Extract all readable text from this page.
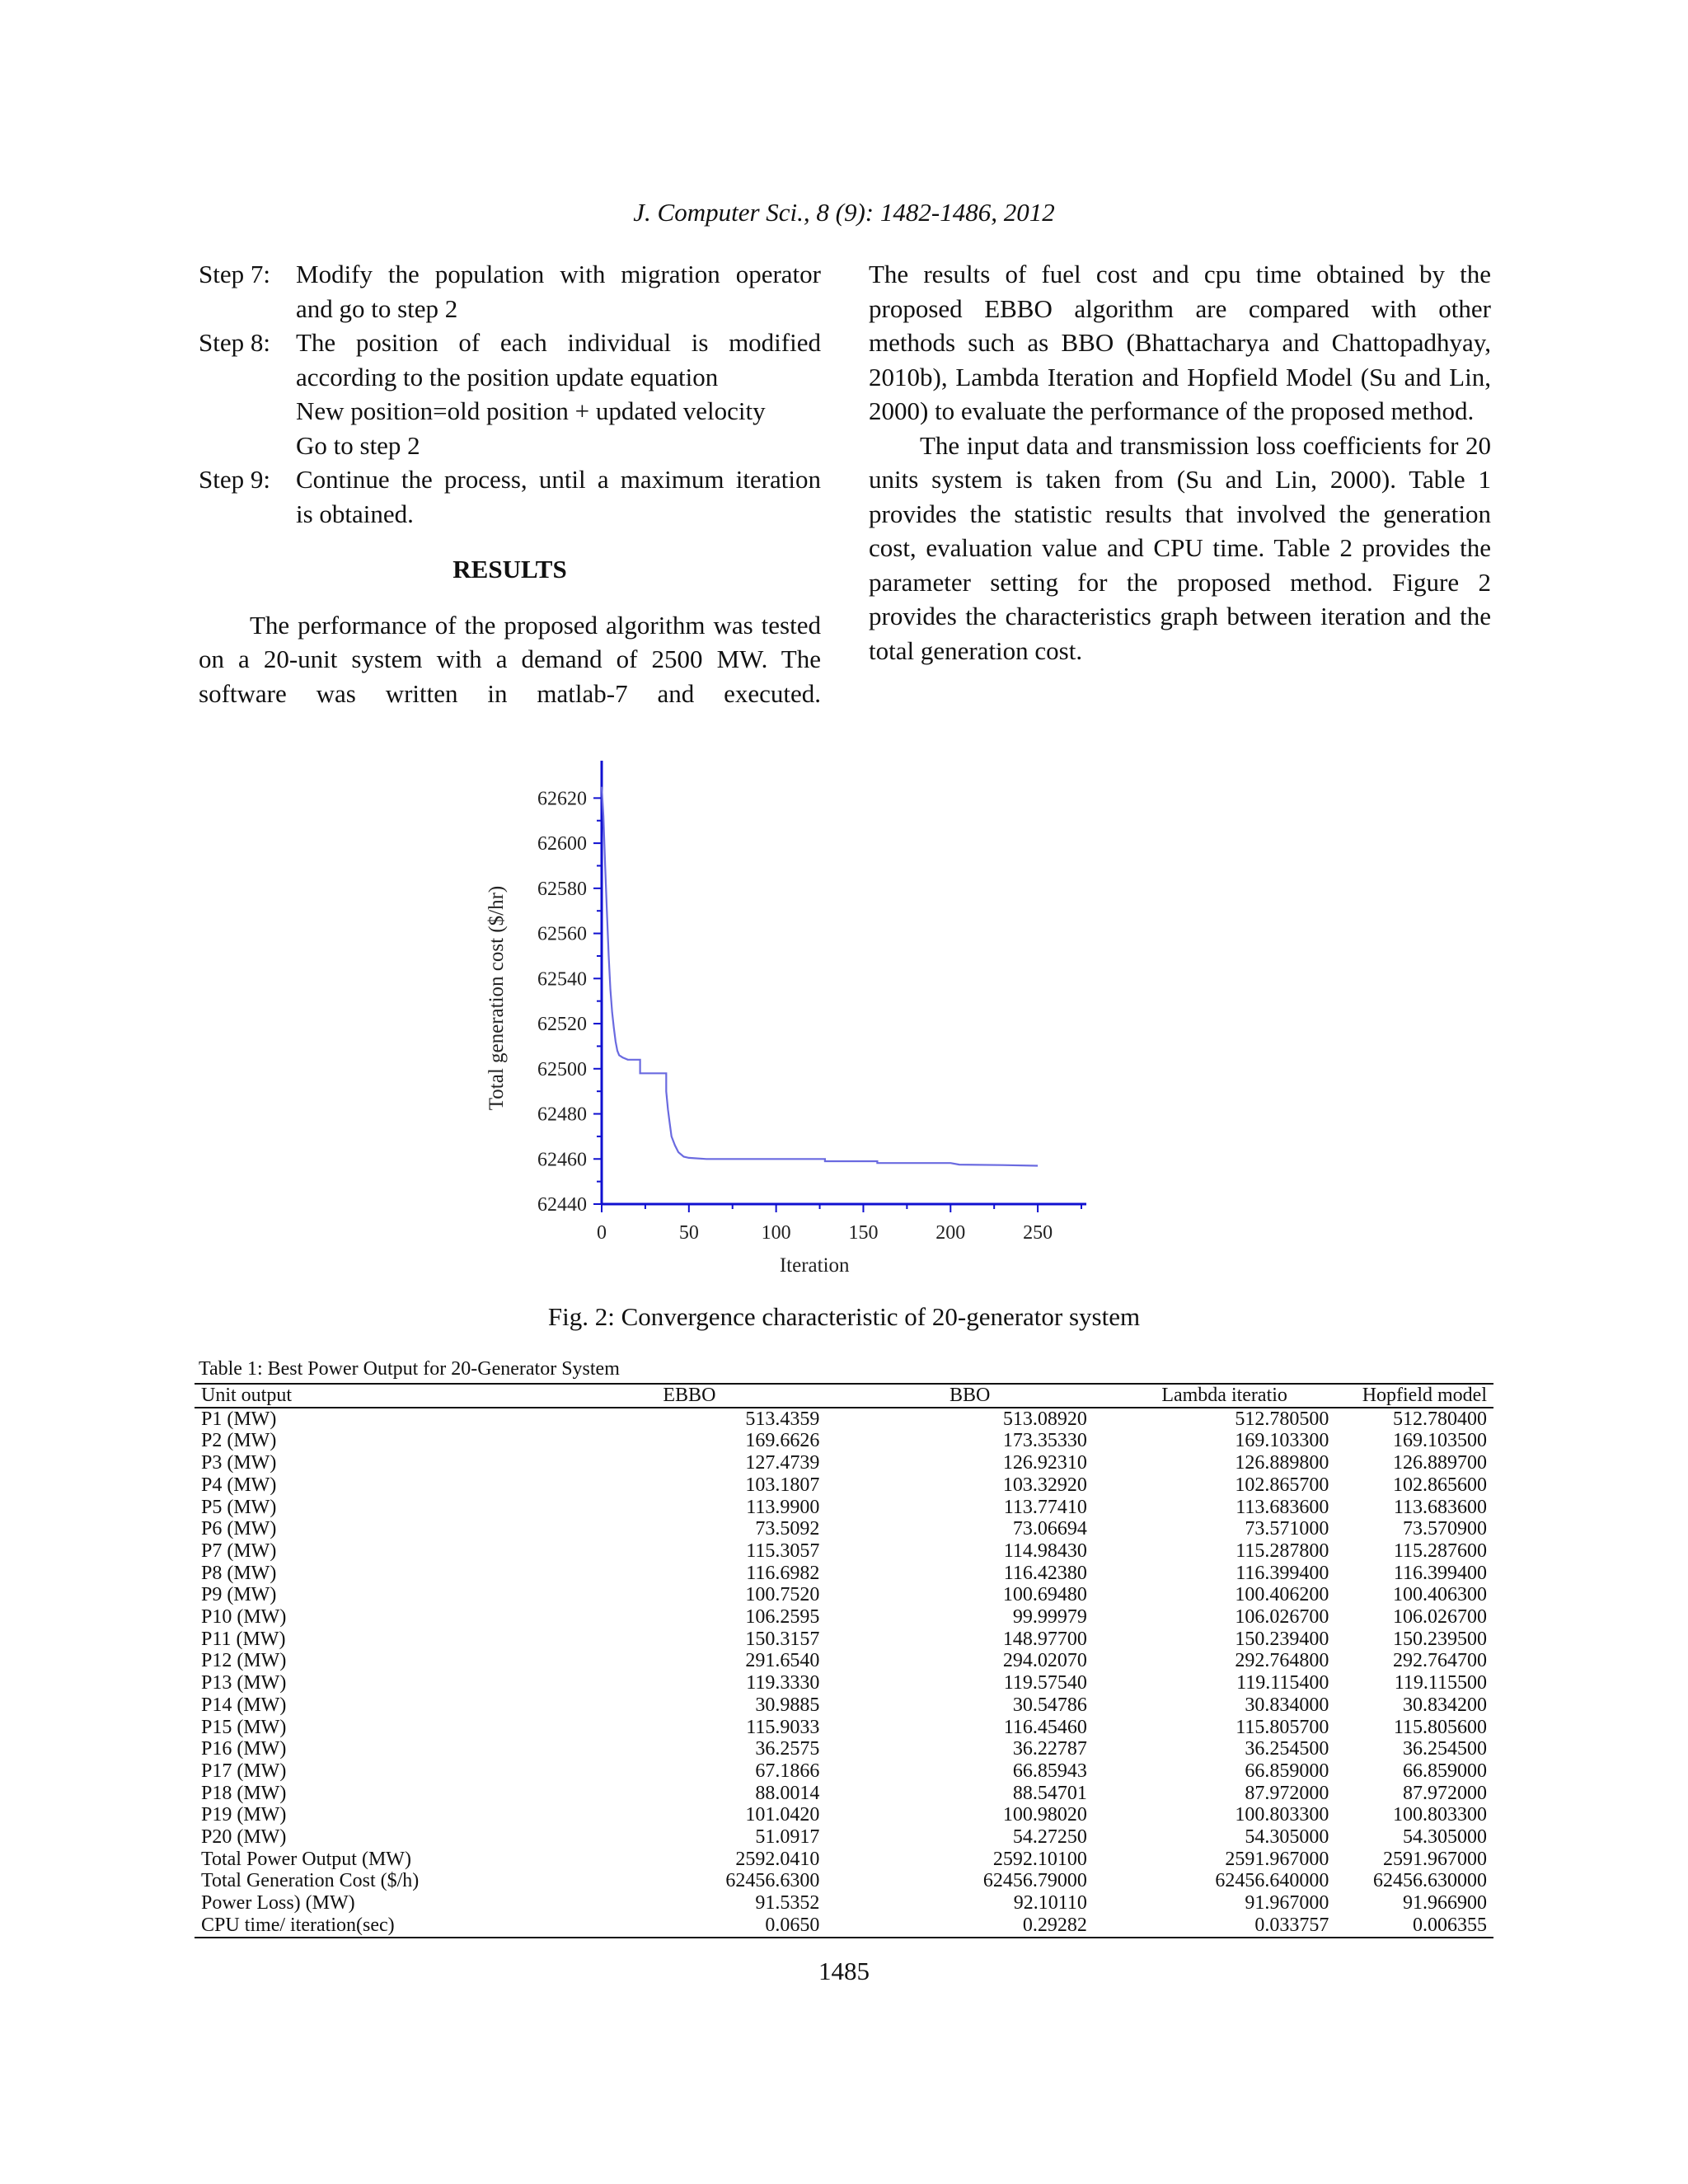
J. Computer Sci., 8 (9): 1482-1486, 2012
Step 7: Modify the population with migration operator
and go to step 2
Step 8: The position of each individual is modified
according to the position update equation
New position=old position + updated velocity
Go to step 2
Step 9: Continue the process, until a maximum iteration
is obtained.
RESULTS

The performance of the proposed algorithm was tested on a 20-unit system with a demand of 2500 MW. The software was written in matlab-7 and executed.

The results of fuel cost and cpu time obtained by the proposed EBBO algorithm are compared with other methods such as BBO (Bhattacharya and Chattopadhyay, 2010b), Lambda Iteration and Hopfield Model (Su and Lin, 2000) to evaluate the performance of the proposed method.

The input data and transmission loss coefficients for 20 units system is taken from (Su and Lin, 2000). Table 1 provides the statistic results that involved the generation cost, evaluation value and CPU time. Table 2 provides the parameter setting for the proposed method. Figure 2 provides the characteristics graph between iteration and the total generation cost.

62440
62460
62480
62500
62520
62540
62560
62580
62600
62620
0	50	100	150	200	250
Iteration
Total generation cost ($/hr)
Fig. 2: Convergence characteristic of 20-generator system
Table 1: Best Power Output for 20-Generator System
Unit output	EBBO	BBO	Lambda iteratio	Hopfield model
P1 (MW)	513.4359	513.08920	512.780500	512.780400
P2 (MW)	169.6626	173.35330	169.103300	169.103500
P3 (MW)	127.4739	126.92310	126.889800	126.889700
P4 (MW)	103.1807	103.32920	102.865700	102.865600
P5 (MW)	113.9900	113.77410	113.683600	113.683600
P6 (MW)	73.5092	73.06694	73.571000	73.570900
P7 (MW)	115.3057	114.98430	115.287800	115.287600
P8 (MW)	116.6982	116.42380	116.399400	116.399400
P9 (MW)	100.7520	100.69480	100.406200	100.406300
P10 (MW)	106.2595	99.99979	106.026700	106.026700
P11 (MW)	150.3157	148.97700	150.239400	150.239500
P12 (MW)	291.6540	294.02070	292.764800	292.764700
P13 (MW)	119.3330	119.57540	119.115400	119.115500
P14 (MW)	30.9885	30.54786	30.834000	30.834200
P15 (MW)	115.9033	116.45460	115.805700	115.805600
P16 (MW)	36.2575	36.22787	36.254500	36.254500
P17 (MW)	67.1866	66.85943	66.859000	66.859000
P18 (MW)	88.0014	88.54701	87.972000	87.972000
P19 (MW)	101.0420	100.98020	100.803300	100.803300
P20 (MW)	51.0917	54.27250	54.305000	54.305000
Total Power Output (MW)	2592.0410	2592.10100	2591.967000	2591.967000
Total Generation Cost ($/h)	62456.6300	62456.79000	62456.640000	62456.630000
Power Loss) (MW)	91.5352	92.10110	91.967000	91.966900
CPU time/ iteration(sec)	0.0650	0.29282	0.033757	0.006355
1485
